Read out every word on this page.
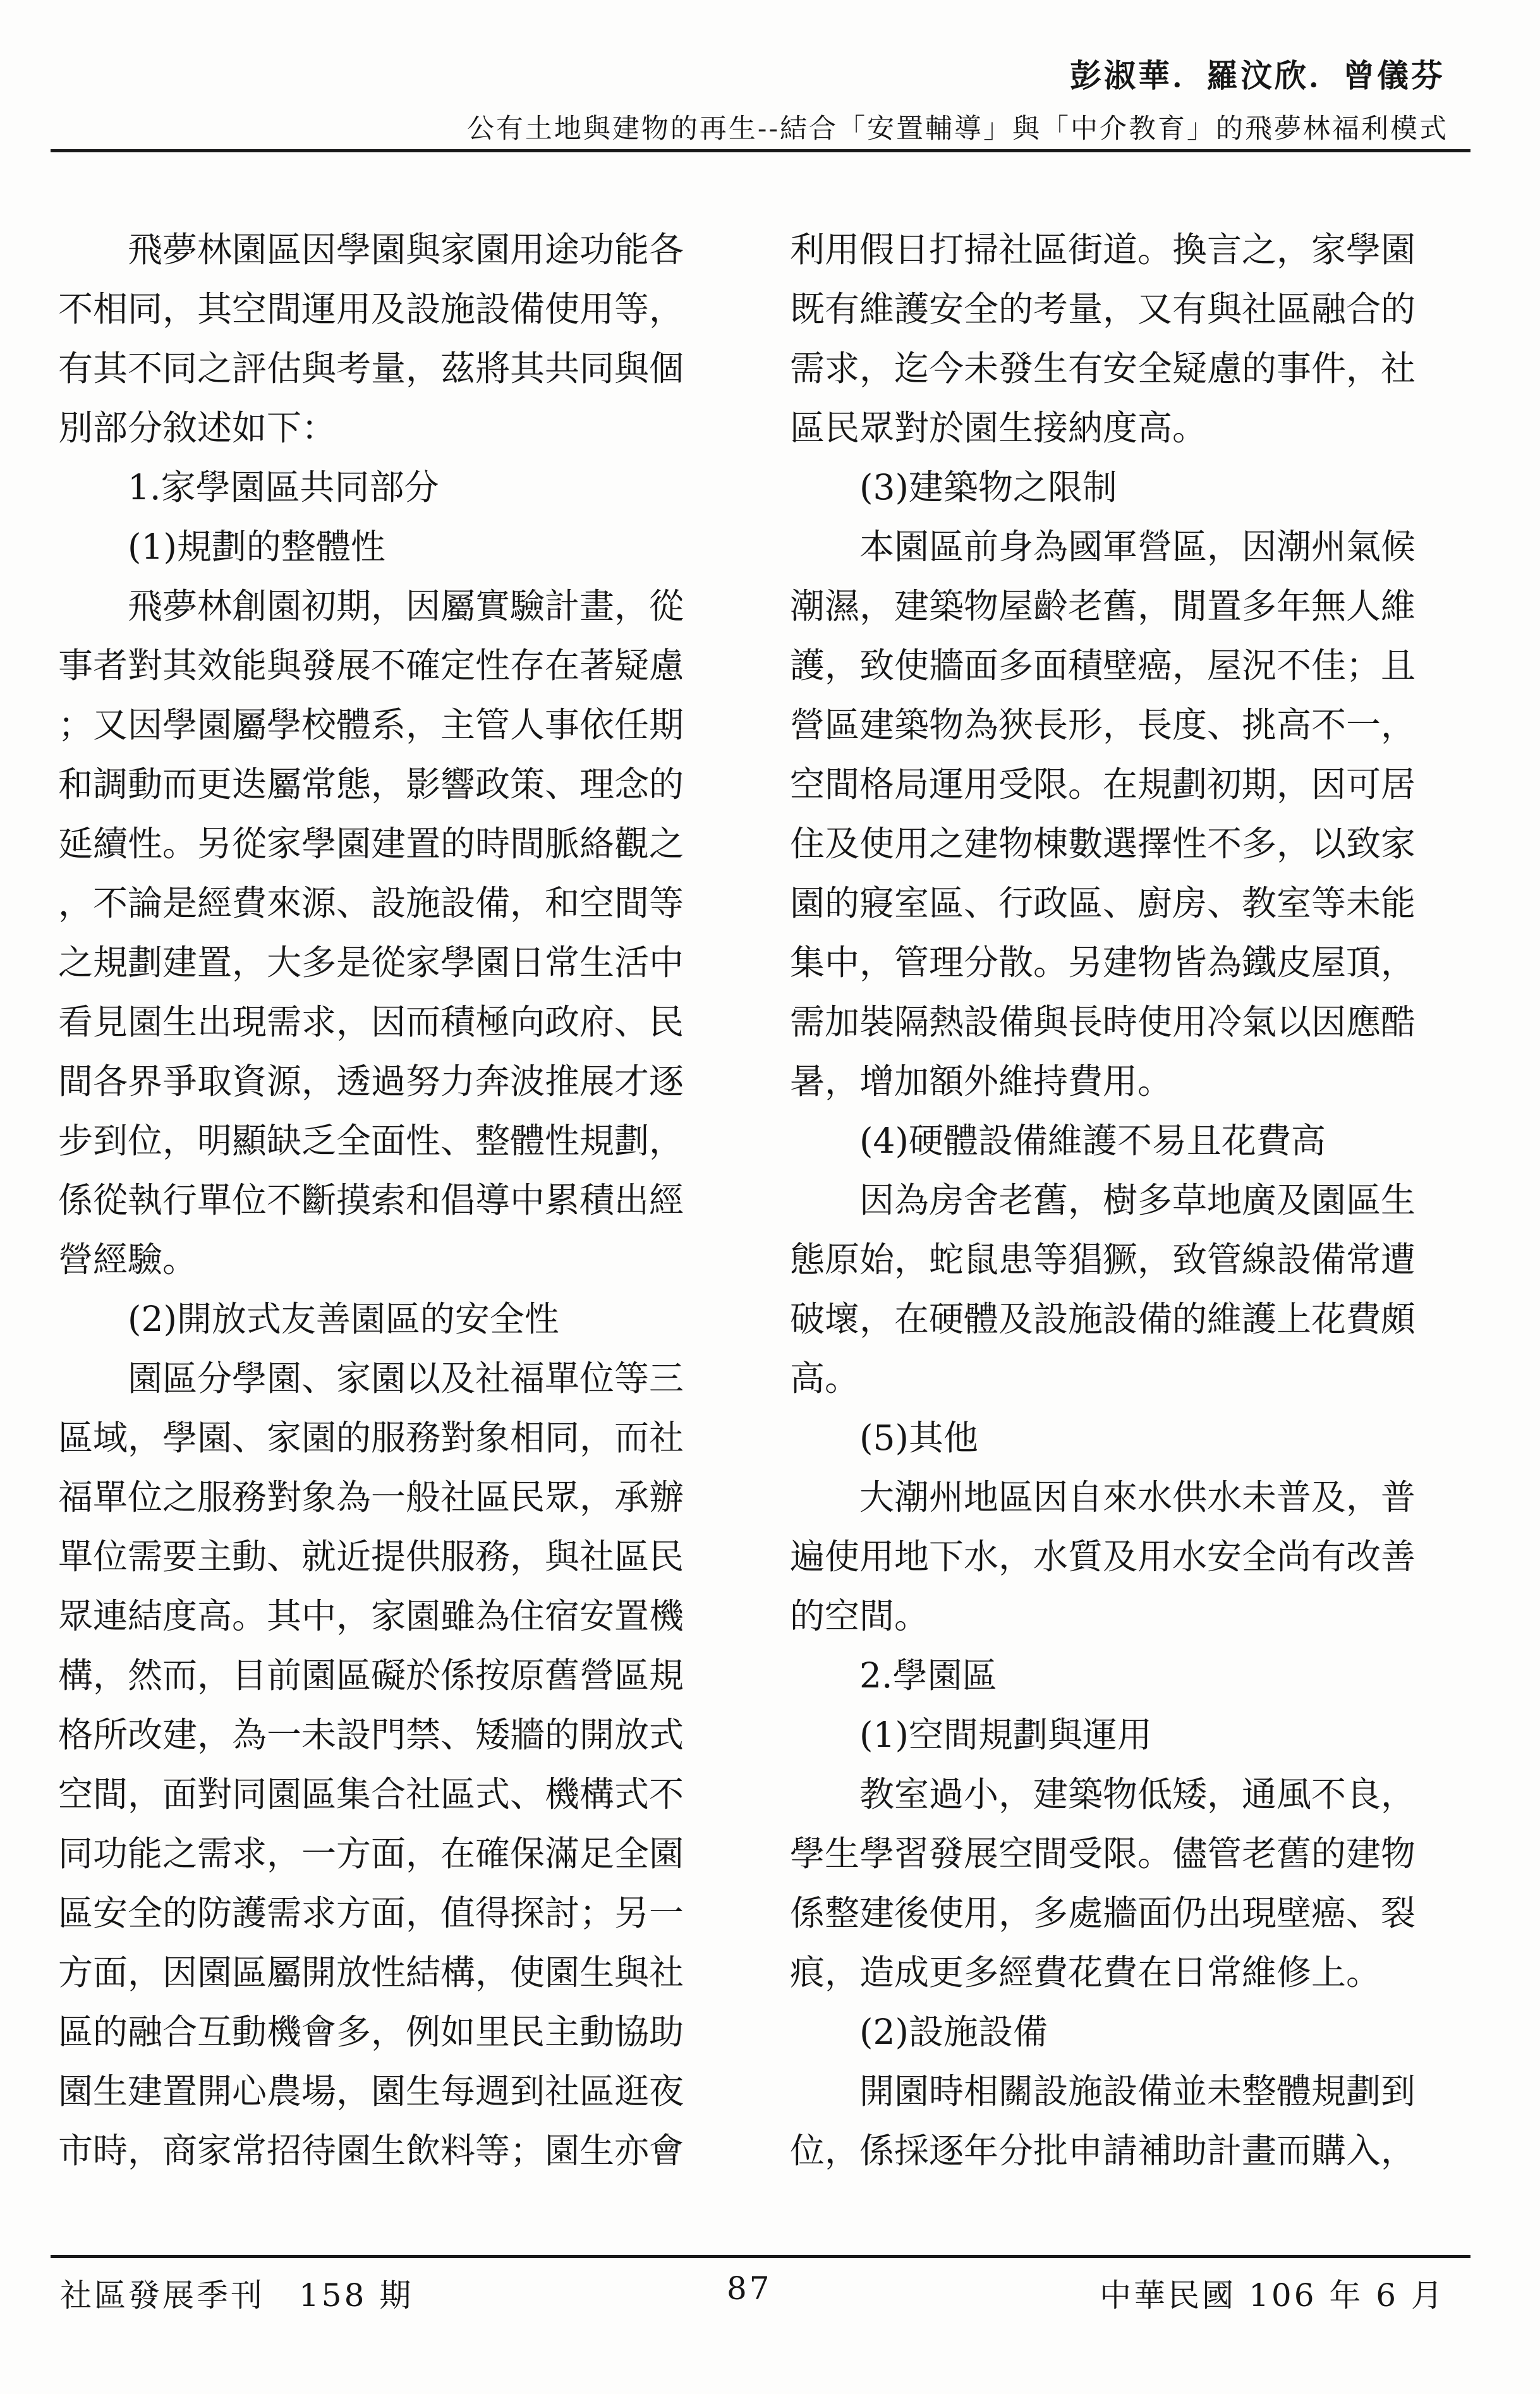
彭淑華．羅汶欣．曾儀芬
公有土地與建物的再生--結合「安置輔導」與「中介教育」的飛夢林福利模式
飛夢林園區因學園與家園用途功能各
不相同，其空間運用及設施設備使用等，
有其不同之評估與考量，茲將其共同與個
別部分敘述如下：
1.家學園區共同部分
(1)規劃的整體性
飛夢林創園初期，因屬實驗計畫，從
事者對其效能與發展不確定性存在著疑慮
；又因學園屬學校體系，主管人事依任期
和調動而更迭屬常態，影響政策、理念的
延續性。另從家學園建置的時間脈絡觀之
，不論是經費來源、設施設備，和空間等
之規劃建置，大多是從家學園日常生活中
看見園生出現需求，因而積極向政府、民
間各界爭取資源，透過努力奔波推展才逐
步到位，明顯缺乏全面性、整體性規劃，
係從執行單位不斷摸索和倡導中累積出經
營經驗。
(2)開放式友善園區的安全性
園區分學園、家園以及社福單位等三
區域，學園、家園的服務對象相同，而社
福單位之服務對象為一般社區民眾，承辦
單位需要主動、就近提供服務，與社區民
眾連結度高。其中，家園雖為住宿安置機
構，然而，目前園區礙於係按原舊營區規
格所改建，為一未設門禁、矮牆的開放式
空間，面對同園區集合社區式、機構式不
同功能之需求，一方面，在確保滿足全園
區安全的防護需求方面，值得探討；另一
方面，因園區屬開放性結構，使園生與社
區的融合互動機會多，例如里民主動協助
園生建置開心農場，園生每週到社區逛夜
市時，商家常招待園生飲料等；園生亦會
利用假日打掃社區街道。換言之，家學園
既有維護安全的考量，又有與社區融合的
需求，迄今未發生有安全疑慮的事件，社
區民眾對於園生接納度高。
(3)建築物之限制
本園區前身為國軍營區，因潮州氣候
潮濕，建築物屋齡老舊，閒置多年無人維
護，致使牆面多面積壁癌，屋況不佳；且
營區建築物為狹長形，長度、挑高不一，
空間格局運用受限。在規劃初期，因可居
住及使用之建物棟數選擇性不多，以致家
園的寢室區、行政區、廚房、教室等未能
集中，管理分散。另建物皆為鐵皮屋頂，
需加裝隔熱設備與長時使用冷氣以因應酷
暑，增加額外維持費用。
(4)硬體設備維護不易且花費高
因為房舍老舊，樹多草地廣及園區生
態原始，蛇鼠患等猖獗，致管線設備常遭
破壞，在硬體及設施設備的維護上花費頗
高。
(5)其他
大潮州地區因自來水供水未普及，普
遍使用地下水，水質及用水安全尚有改善
的空間。
2.學園區
(1)空間規劃與運用
教室過小，建築物低矮，通風不良，
學生學習發展空間受限。儘管老舊的建物
係整建後使用，多處牆面仍出現壁癌、裂
痕，造成更多經費花費在日常維修上。
(2)設施設備
開園時相關設施設備並未整體規劃到
位，係採逐年分批申請補助計畫而購入，
社區發展季刊　158 期	87	中華民國 106 年 6 月
